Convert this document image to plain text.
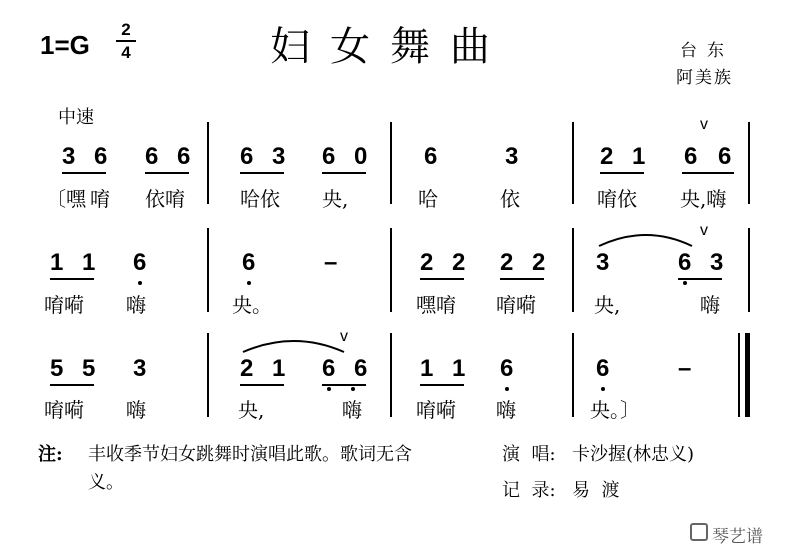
1=G
2
4	妇女舞曲	台东
阿美族
中速
3 6 6 6 6 3 6 0 6	3	2 1 6 6
v
〔嘿 唷 依唷	哈依 央,	哈	依	唷依 央,嗨
1 1 6	6	–	2 2 2 2 3	6 3
v
唷嗬 嗨	央。	嘿唷 唷嗬	央,	嗨
5 5 3	2 1 6 6
v
1 1 6	6	–
唷嗬 嗨	央,	嗨	唷嗬 嗨	央。〕
注: 丰收季节妇女跳舞时演唱此歌。歌词无含
义。
演  唱: 卡沙握(林忠义)
记  录: 易  渡
琴艺谱
